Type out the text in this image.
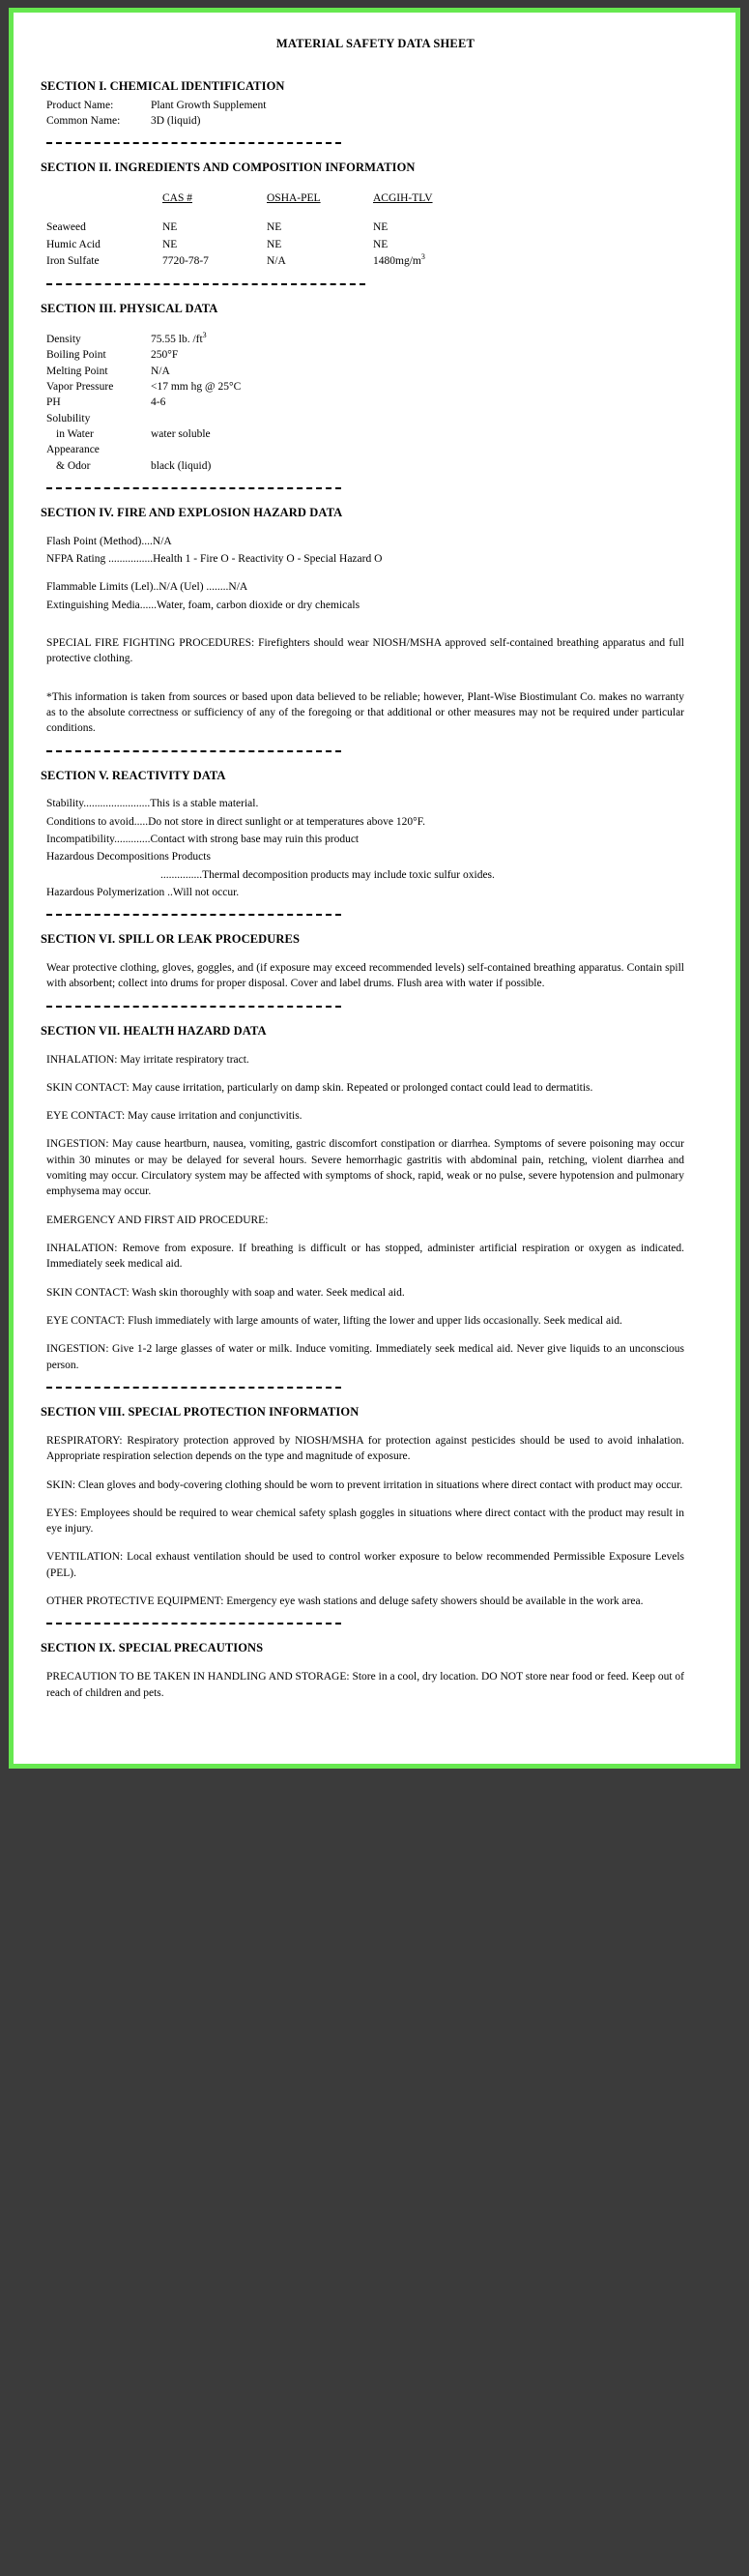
MATERIAL SAFETY DATA SHEET
SECTION I. CHEMICAL IDENTIFICATION
Product Name:	Plant Growth Supplement
Common Name:	3D (liquid)
SECTION II. INGREDIENTS AND COMPOSITION INFORMATION
	CAS #	OSHA-PEL	ACGIH-TLV
Seaweed	NE	NE	NE
Humic Acid	NE	NE	NE
Iron Sulfate	7720-78-7	N/A	$1480mg/m^3$
SECTION III. PHYSICAL DATA
Density	75.55 lb. $/ft^3$
Boiling Point	250°F
Melting Point	N/A
Vapor Pressure	<17 mm hg @ 25°C
PH	4-6
Solubility
in Water	water soluble
Appearance
& Odor	black (liquid)
SECTION IV. FIRE AND EXPLOSION HAZARD DATA

Flash Point (Method)....N/A

NFPA Rating ................Health 1 - Fire O - Reactivity O - Special Hazard O

Flammable Limits (Lel)..N/A (Uel) ........N/A

Extinguishing Media......Water, foam, carbon dioxide or dry chemicals

SPECIAL FIRE FIGHTING PROCEDURES: Firefighters should wear NIOSH/MSHA approved self-contained breathing apparatus and full protective clothing.

*This information is taken from sources or based upon data believed to be reliable; however, Plant-Wise Biostimulant Co. makes no warranty as to the absolute correctness or sufficiency of any of the foregoing or that additional or other measures may not be required under particular conditions.

SECTION V. REACTIVITY DATA

Stability........................This is a stable material.

Conditions to avoid.....Do not store in direct sunlight or at temperatures above 120°F.

Incompatibility.............Contact with strong base may ruin this product

Hazardous Decompositions Products

...............Thermal decomposition products may include toxic sulfur oxides.

Hazardous Polymerization ..Will not occur.

SECTION VI. SPILL OR LEAK PROCEDURES

Wear protective clothing, gloves, goggles, and (if exposure may exceed recommended levels) self-contained breathing apparatus. Contain spill with absorbent; collect into drums for proper disposal. Cover and label drums. Flush area with water if possible.

SECTION VII. HEALTH HAZARD DATA

INHALATION: May irritate respiratory tract.

SKIN CONTACT: May cause irritation, particularly on damp skin. Repeated or prolonged contact could lead to dermatitis.

EYE CONTACT: May cause irritation and conjunctivitis.

INGESTION: May cause heartburn, nausea, vomiting, gastric discomfort constipation or diarrhea. Symptoms of severe poisoning may occur within 30 minutes or may be delayed for several hours. Severe hemorrhagic gastritis with abdominal pain, retching, violent diarrhea and vomiting may occur. Circulatory system may be affected with symptoms of shock, rapid, weak or no pulse, severe hypotension and pulmonary emphysema may occur.

EMERGENCY AND FIRST AID PROCEDURE:

INHALATION: Remove from exposure. If breathing is difficult or has stopped, administer artificial respiration or oxygen as indicated. Immediately seek medical aid.

SKIN CONTACT: Wash skin thoroughly with soap and water. Seek medical aid.

EYE CONTACT: Flush immediately with large amounts of water, lifting the lower and upper lids occasionally. Seek medical aid.

INGESTION: Give 1-2 large glasses of water or milk. Induce vomiting. Immediately seek medical aid. Never give liquids to an unconscious person.

SECTION VIII. SPECIAL PROTECTION INFORMATION

RESPIRATORY: Respiratory protection approved by NIOSH/MSHA for protection against pesticides should be used to avoid inhalation. Appropriate respiration selection depends on the type and magnitude of exposure.

SKIN: Clean gloves and body-covering clothing should be worn to prevent irritation in situations where direct contact with product may occur.

EYES: Employees should be required to wear chemical safety splash goggles in situations where direct contact with the product may result in eye injury.

VENTILATION: Local exhaust ventilation should be used to control worker exposure to below recommended Permissible Exposure Levels (PEL).

OTHER PROTECTIVE EQUIPMENT: Emergency eye wash stations and deluge safety showers should be available in the work area.

SECTION IX. SPECIAL PRECAUTIONS

PRECAUTION TO BE TAKEN IN HANDLING AND STORAGE: Store in a cool, dry location. DO NOT store near food or feed. Keep out of reach of children and pets.
